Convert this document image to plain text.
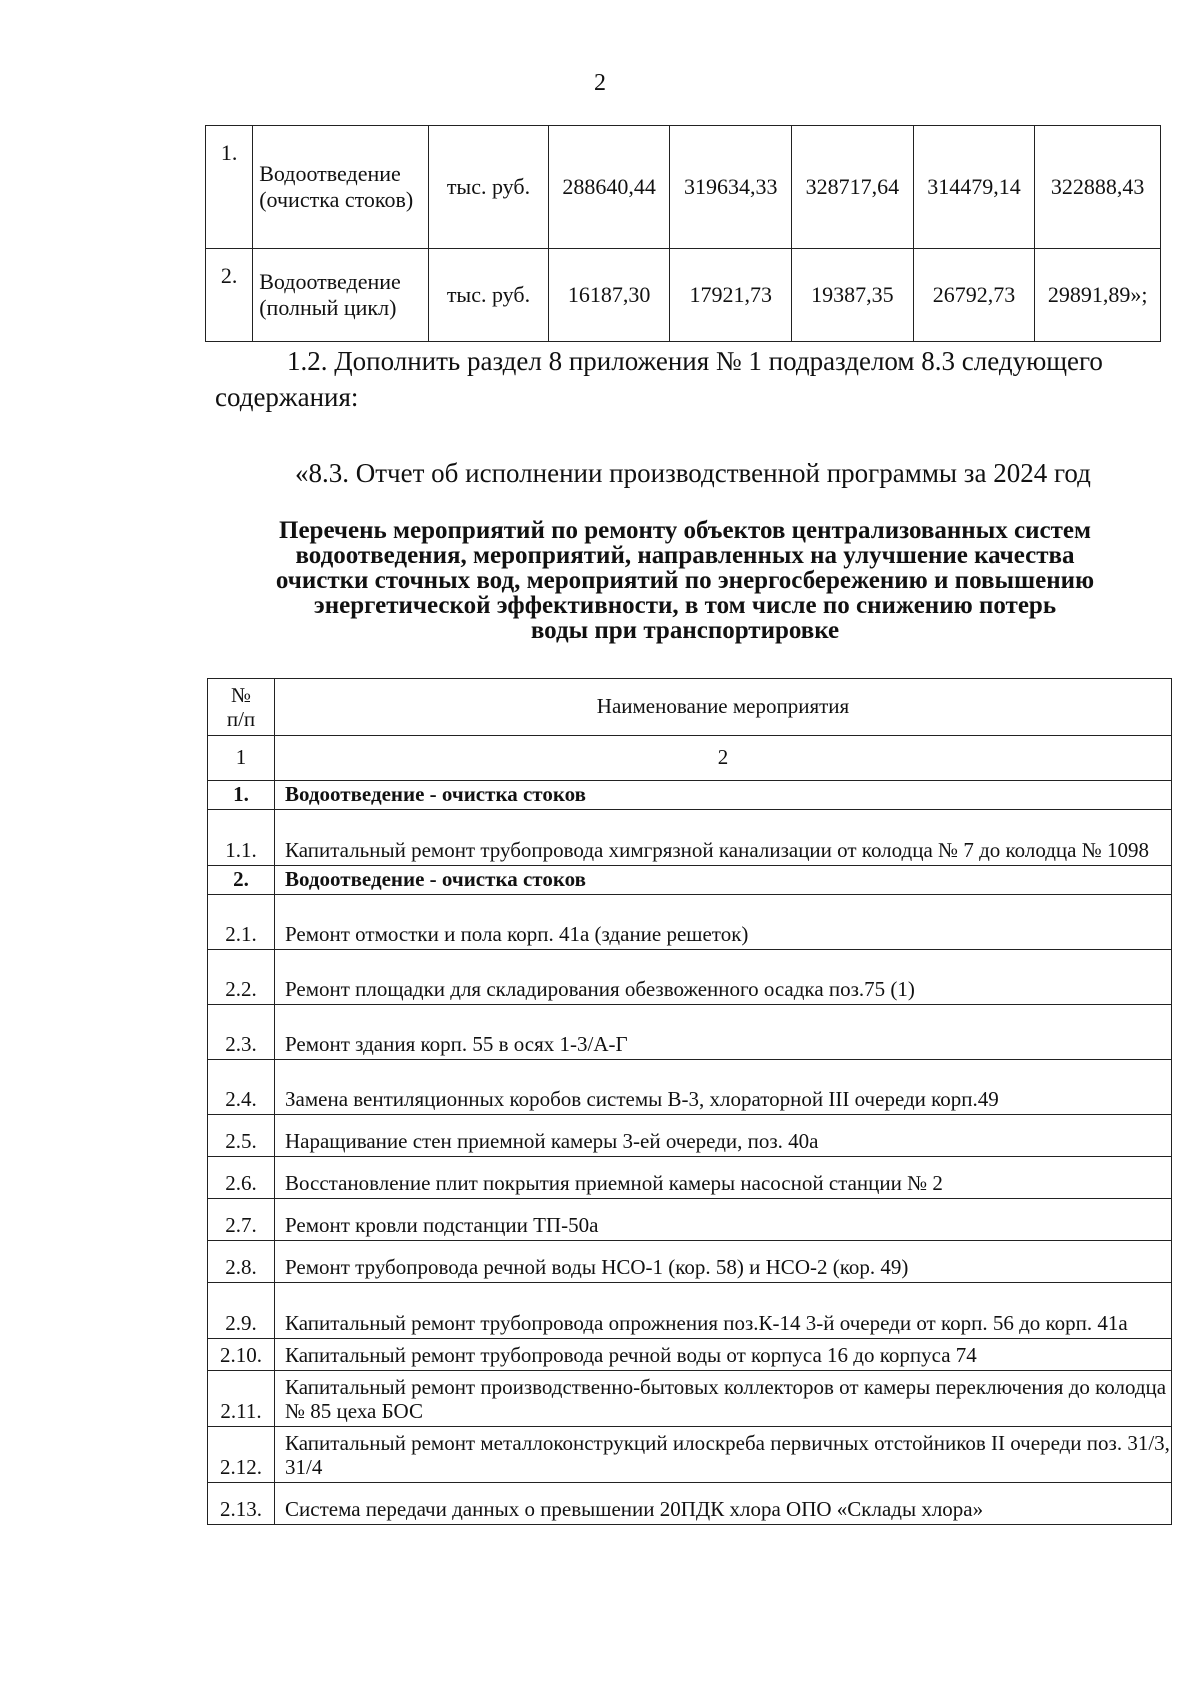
2
1.	Водоотведение (очистка стоков)	тыс. руб.	288640,44	319634,33	328717,64	314479,14	322888,43
2.	Водоотведение (полный цикл)	тыс. руб.	16187,30	17921,73	19387,35	26792,73	29891,89»;
1.2. Дополнить раздел 8 приложения № 1 подразделом 8.3 следующего содержания:
«8.3. Отчет об исполнении производственной программы за 2024 год
Перечень мероприятий по ремонту объектов централизованных систем
водоотведения, мероприятий, направленных на улучшение качества
очистки сточных вод, мероприятий по энергосбережению и повышению
энергетической эффективности, в том числе по снижению потерь
воды при транспортировке
№
п/п	Наименование мероприятия
1	2
1.	Водоотведение - очистка стоков
1.1.	Капитальный ремонт трубопровода химгрязной канализации от колодца № 7 до колодца № 1098
2.	Водоотведение - очистка стоков
2.1.	Ремонт отмостки и пола корп. 41а (здание решеток)
2.2.	Ремонт площадки для складирования обезвоженного осадка поз.75 (1)
2.3.	Ремонт здания корп. 55 в осях 1-3/А-Г
2.4.	Замена вентиляционных коробов системы В-3, хлораторной III очереди корп.49
2.5.	Наращивание стен приемной камеры 3-ей очереди, поз. 40а
2.6.	Восстановление плит покрытия приемной камеры насосной станции № 2
2.7.	Ремонт кровли подстанции ТП-50а
2.8.	Ремонт трубопровода речной воды НСО-1 (кор. 58) и НСО-2 (кор. 49)
2.9.	Капитальный ремонт трубопровода опрожнения поз.К-14 3-й очереди от корп. 56 до корп. 41а
2.10.	Капитальный ремонт трубопровода речной воды от корпуса 16 до корпуса 74
2.11.	Капитальный ремонт производственно-бытовых коллекторов от камеры переключения до колодца № 85 цеха БОС
2.12.	Капитальный ремонт металлоконструкций илоскреба первичных отстойников II очереди поз. 31/3, 31/4
2.13.	Система передачи данных о превышении 20ПДК хлора ОПО «Склады хлора»
